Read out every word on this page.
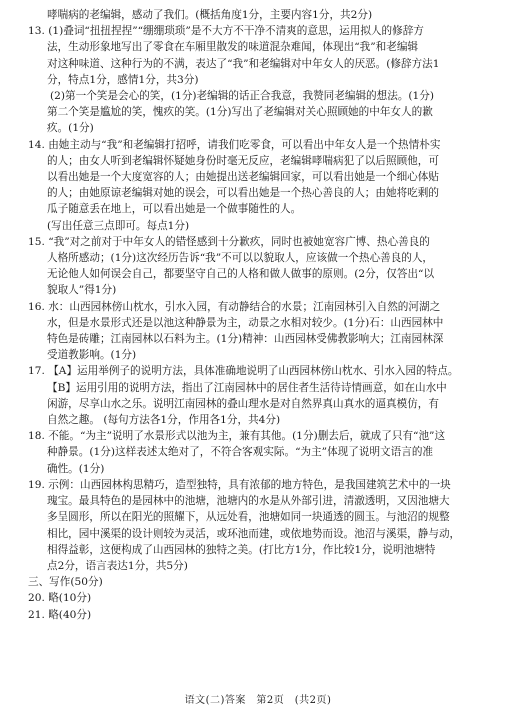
哮喘病的老编辑，感动了我们。(概括角度1分，主要内容1分，共2分)
13. (1)叠词“扭扭捏捏”“绷绷琐琐”是不大方不干净不清爽的意思，运用拟人的修辞方
法，生动形象地写出了零食在车厢里散发的味道混杂难闻，体现出“我”和老编辑
对这种味道、这种行为的不满，表达了“我”和老编辑对中年女人的厌恶。(修辞方法1
分，特点1分，感情1分，共3分)
(2)第一个笑是会心的笑，(1分)老编辑的话正合我意，我赞同老编辑的想法。(1分)
第二个笑是尴尬的笑，愧疚的笑。(1分)写出了老编辑对关心照顾她的中年女人的歉
疚。(1分)
14. 由她主动与“我”和老编辑打招呼，请我们吃零食，可以看出中年女人是一个热情朴实
的人；由女人听到老编辑怀疑她身份时毫无反应，老编辑哮喘病犯了以后照顾他，可
以看出她是一个大度宽容的人；由她提出送老编辑回家，可以看出她是一个细心体贴
的人；由她原谅老编辑对她的误会，可以看出她是一个热心善良的人；由她将吃剩的
瓜子随意丢在地上，可以看出她是一个做事随性的人。
(写出任意三点即可。每点1分)
15. “我”对之前对于中年女人的错怪感到十分歉疚，同时也被她宽容广博、热心善良的
人格所感动；(1分)这次经历告诉“我”不可以以貌取人，应该做一个热心善良的人，
无论他人如何误会自己，都要坚守自己的人格和做人做事的原则。(2分，仅答出“以
貌取人”得1分)
16. 水：山西园林傍山枕水，引水入园，有动静结合的水景；江南园林引入自然的河湖之
水，但是水景形式还是以池这种静景为主，动景之水相对较少。(1分)石：山西园林中
特色是砖雕；江南园林以石料为主。(1分)精神：山西园林受佛教影响大；江南园林深
受道教影响。(1分)
17. 【A】运用举例子的说明方法，具体准确地说明了山西园林傍山枕水、引水入园的特点。
【B】运用引用的说明方法，指出了江南园林中的居住者生活待诗情画意，如在山水中
闲游，尽享山水之乐。说明江南园林的叠山理水是对自然界真山真水的逼真模仿，有
自然之趣。 (每句方法各1分，作用各1分，共4分)
18. 不能。“为主”说明了水景形式以池为主，兼有其他。(1分)删去后，就成了只有“池”这
种静景。(1分)这样表述太绝对了，不符合客观实际。“为主”体现了说明文语言的准
确性。(1分)
19. 示例：山西园林构思精巧，造型独特，具有浓郁的地方特色，是我国建筑艺术中的一块
瑰宝。最具特色的是园林中的池塘，池塘内的水是从外部引进，清澈透明，又因池塘大
多呈圆形，所以在阳光的照耀下，从远处看，池塘如同一块通透的圆玉。与池沼的规整
相比，园中溪渠的设计则较为灵活，或环池而建，或依地势而设。池沼与溪渠，静与动，
相得益彰，这便构成了山西园林的独特之美。(打比方1分，作比较1分，说明池塘特
点2分，语言表达1分，共5分)
三、写作(50分)
20. 略(10分)
21. 略(40分)
语文(二)答案　第2页　(共2页)
